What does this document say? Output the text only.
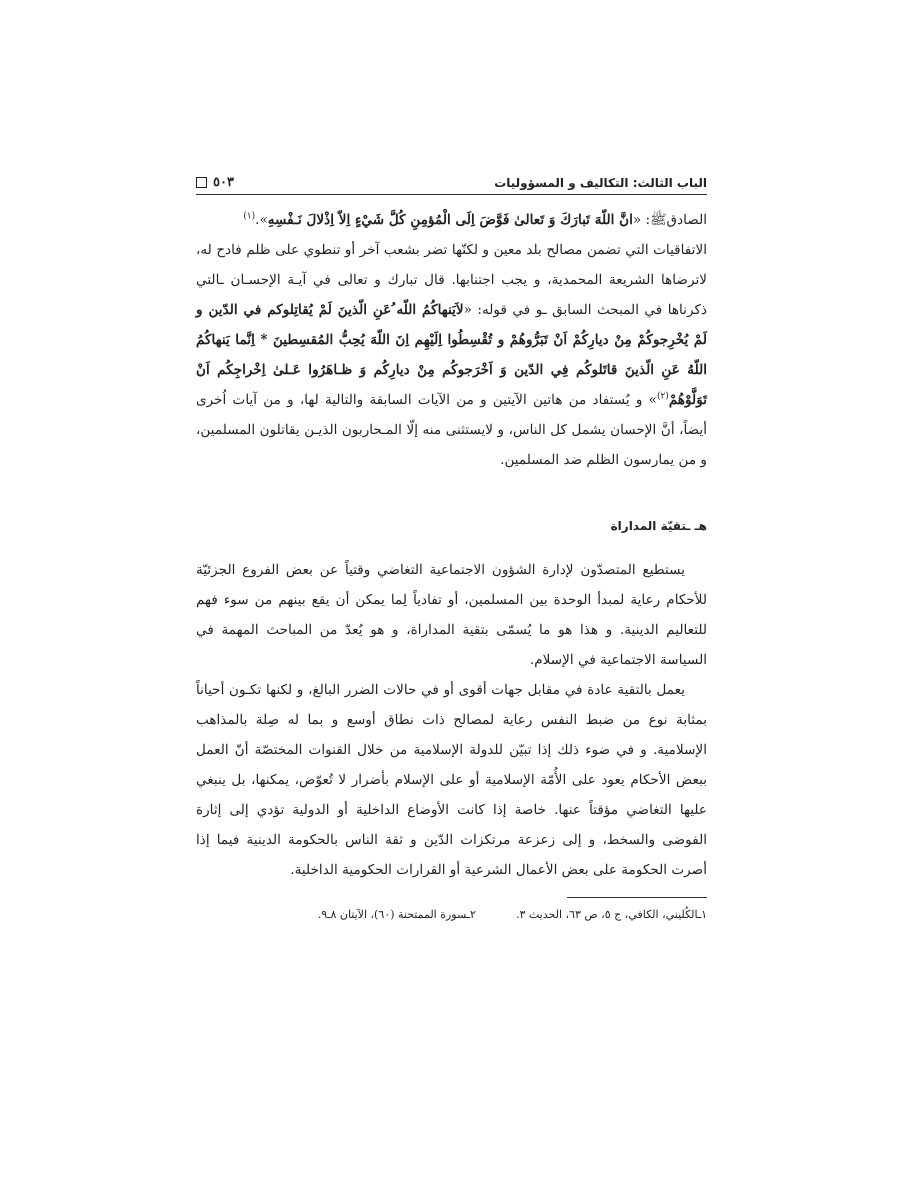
الباب الثالث: التكاليف و المسؤوليات
٥٠٣

الصادقﷺ: «انَّ اللّهَ تَبارَكَ وَ تَعالیٰ فَوَّضَ اِلَی الْمُؤمِنِ كُلَّ شَيْءٍ اِلاّ اِذْلالَ نَـفْسِهِ».$^{(١)}$

الاتفاقيات التي تضمن مصالح بلد معين و لكنّها تضر بشعب آخر أو تنطوي على ظلم فادح له، لاترضاها الشريعة المحمدية، و يجب اجتنابها. قال تبارك و تعالى في آيـة الإحسـان ـالتي ذكرناها في المبحث السابق ـو في قوله: «لاَيَنهاكُمُ اللّه ُعَنِ الّذينَ لَمْ يُقاتِلوكم في الدّين و لَمْ يُخْرِجوكُمْ مِنْ ديارِكُمْ اَنْ تَبَرُّوهُمْ و تُقْسِطُوا اِلَيْهِم اِنَ اللّهَ يُحِبُّ المُقسِطينَ * اِنَّما يَنهاكُمُ اللّهُ عَنِ الّذينَ قاتَلوكُم فِي الدّين وَ اَخْرَجوكُم مِنْ ديارِكُم وَ ظـاهَرُوا عَـلیٰ اِخْراجِكُم اَنْ تَوَلَّوْهُمْ$^{(٢)}$» و يُستفاد من هاتين الآيتين و من الآيات السابقة والتالية لها، و من آيات اُخرى أيضاً، أنَّ الإحسان يشمل كل الناس، و لايستثنى منه إلّا المـحاربون الذيـن يقاتلون المسلمين، و من يمارسون الظلم ضد المسلمين.

هـ ـتقيّة المداراة

يستطيع المتصدّون لإدارة الشؤون الاجتماعية التغاضي وقتياً عن بعض الفروع الجزئيّة للأحكام رعاية لمبدأ الوحدة بين المسلمين، أو تفادياً لِما يمكن أن يقع بينهم من سوء فهم للتعاليم الدينية. و هذا هو ما يُسمّى بتقية المداراة، و هو يُعدّ من المباحث المهمة في السياسة الاجتماعية في الإسلام.

يعمل بالتقية عادة في مقابل جهات أقوى أو في حالات الضرر البالغ، و لكنها تكـون أحياناً بمثابة نوع من ضبط النفس رعاية لمصالح ذات نطاق أوسع و بما له صِلة بالمذاهب الإسلامية. و في ضوء ذلك إذا تبيّن للدولة الإسلامية من خلال القنوات المختصّة أنّ العمل ببعض الأحكام يعود على الأُمّة الإسلامية أو على الإسلام بأضرار لا تُعوّض، يمكنها، بل ينبغي عليها التغاضي مؤقتاً عنها. خاصة إذا كانت الأوضاع الداخلية أو الدولية تؤدي إلى إثارة الفوضى والسخط، و إلى زعزعة مرتكزات الدّين و ثقة الناس بالحكومة الدينية فيما إذا أصرت الحكومة على بعض الأعمال الشرعية أو القرارات الحكومية الداخلية.

١ـالكُليني، الكافي، ج ٥، ص ٦٣، الحديث ٣.
٢ـسورة الممتحنة (٦٠)، الآيتان ٨ـ٩.
